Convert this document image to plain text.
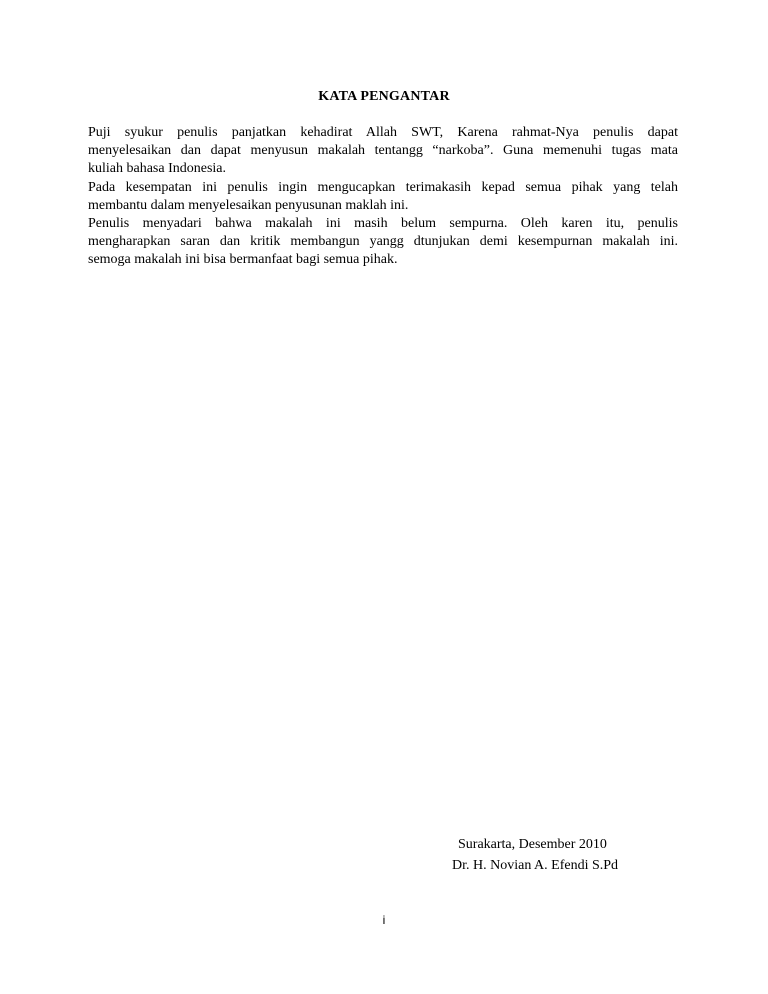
KATA PENGANTAR
Puji syukur penulis panjatkan kehadirat Allah SWT, Karena rahmat-Nya penulis dapat
menyelesaikan dan dapat menyusun makalah tentangg “narkoba”. Guna memenuhi tugas mata
kuliah bahasa Indonesia.
Pada kesempatan ini penulis ingin mengucapkan terimakasih kepad semua pihak yang telah
membantu dalam menyelesaikan penyusunan maklah ini.
Penulis menyadari bahwa makalah ini masih belum sempurna. Oleh karen itu, penulis
mengharapkan saran dan kritik membangun yangg dtunjukan demi kesempurnan makalah ini.
semoga makalah ini bisa bermanfaat bagi semua pihak.
Surakarta, Desember 2010
Dr. H. Novian A. Efendi S.Pd
i
